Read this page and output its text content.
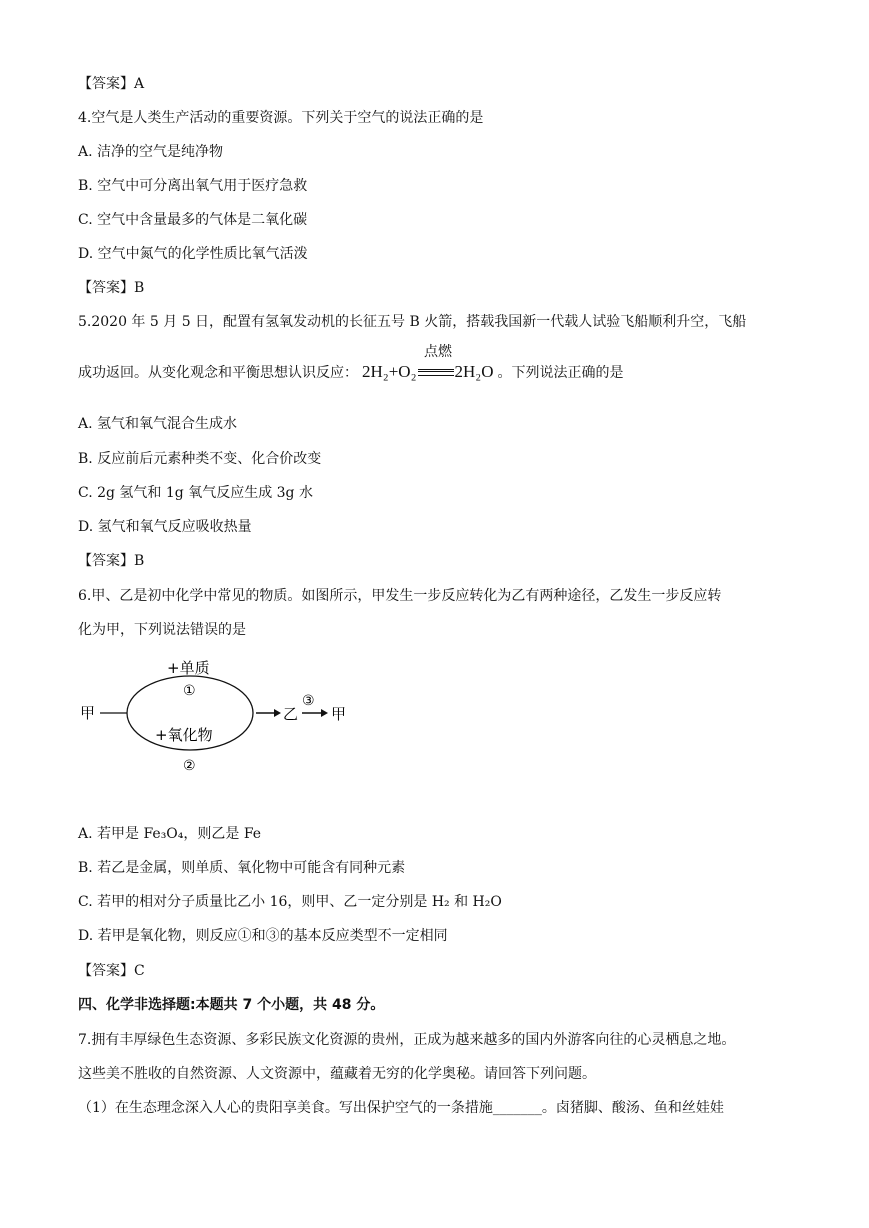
【答案】A
4.空气是人类生产活动的重要资源。下列关于空气的说法正确的是
A. 洁净的空气是纯净物
B. 空气中可分离出氧气用于医疗急救
C. 空气中含量最多的气体是二氧化碳
D. 空气中氮气的化学性质比氧气活泼
【答案】B
5.2020 年 5 月 5 日，配置有氢氧发动机的长征五号 B 火箭，搭载我国新一代载人试验飞船顺利升空，飞船
成功返回。从变化观念和平衡思想认识反应： 2H₂+O₂
点燃
2H₂O 。下列说法正确的是
A. 氢气和氧气混合生成水
B. 反应前后元素种类不变、化合价改变
C. 2g 氢气和 1g 氧气反应生成 3g 水
D. 氢气和氧气反应吸收热量
【答案】B
6.甲、乙是初中化学中常见的物质。如图所示，甲发生一步反应转化为乙有两种途径，乙发生一步反应转
化为甲，下列说法错误的是
甲
+单质
①
+氧化物
②
乙
③
甲
A. 若甲是 Fe₃O₄，则乙是 Fe
B. 若乙是金属，则单质、氧化物中可能含有同种元素
C. 若甲的相对分子质量比乙小 16，则甲、乙一定分别是 H₂ 和 H₂O
D. 若甲是氧化物，则反应①和③的基本反应类型不一定相同
【答案】C
四、化学非选择题:本题共 7 个小题，共 48 分。
7.拥有丰厚绿色生态资源、多彩民族文化资源的贵州，正成为越来越多的国内外游客向往的心灵栖息之地。
这些美不胜收的自然资源、人文资源中，蕴藏着无穷的化学奥秘。请回答下列问题。
（1）在生态理念深入人心的贵阳享美食。写出保护空气的一条措施_______。卤猪脚、酸汤、鱼和丝娃娃
